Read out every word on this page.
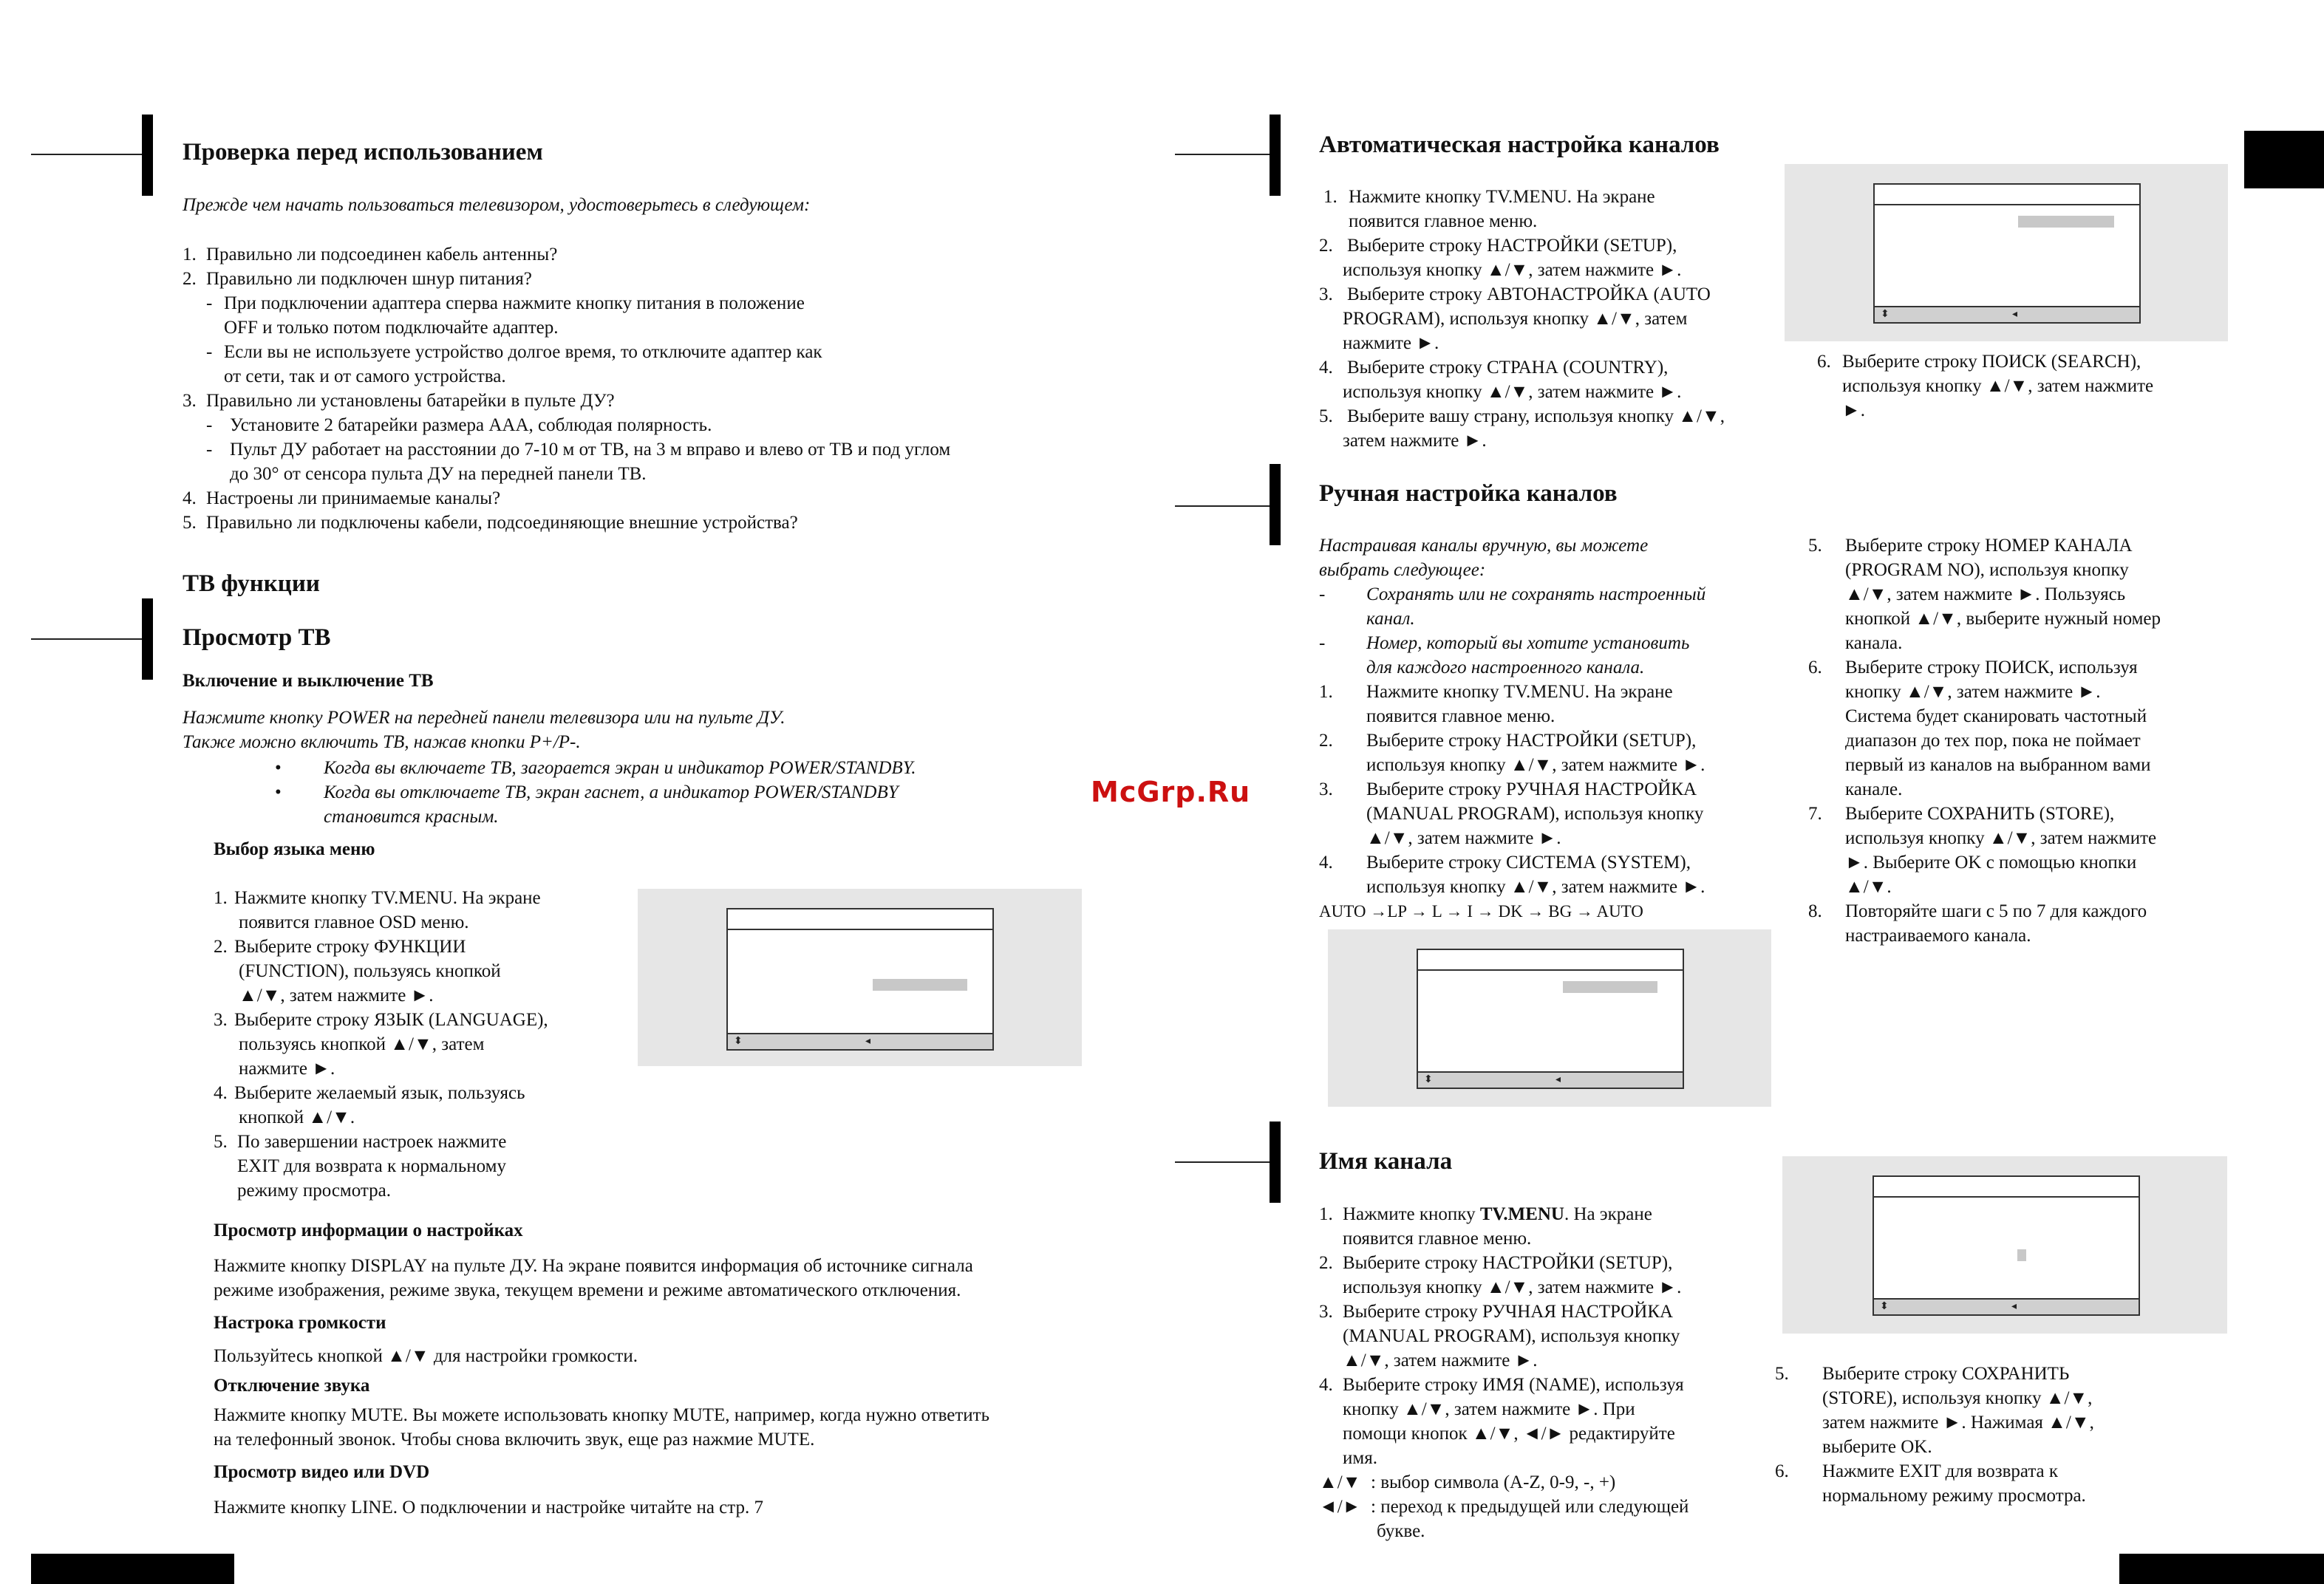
Проверка перед использованием
Прежде чем начать пользоваться телевизором, удостоверьтесь в следующем:
1. Правильно ли подсоединен кабель антенны?
2. Правильно ли подключен шнур питания?
- При подключении адаптера сперва нажмите кнопку питания в положение
OFF и только потом подключайте адаптер.
- Если вы не используете устройство долгое время, то отключите адаптер как
от сети, так и от самого устройства.
3. Правильно ли установлены батарейки в пульте ДУ?
- Установите 2 батарейки размера ААА, соблюдая полярность.
- Пульт ДУ работает на расстоянии до 7-10 м от ТВ, на 3 м вправо и влево от ТВ и под углом
до 30° от сенсора пульта ДУ на передней панели ТВ.
4. Настроены ли принимаемые каналы?
5. Правильно ли подключены кабели, подсоединяющие внешние устройства?
ТВ функции
Просмотр ТВ
Включение и выключение ТВ
Нажмите кнопку POWER на передней панели телевизора или на пульте ДУ.
Также можно включить ТВ, нажав кнопки P+/P-.
• Когда вы включаете ТВ, загорается экран и индикатор POWER/STANDBY.
• Когда вы отключаете ТВ, экран гаснет, а индикатор POWER/STANDBY
становится красным.
Выбор языка меню
1. Нажмите кнопку TV.MENU. На экране
появится главное OSD меню.
2. Выберите строку ФУНКЦИИ
(FUNCTION), пользуясь кнопкой
▲/▼, затем нажмите ►.
3. Выберите строку ЯЗЫК (LANGUAGE),
пользуясь кнопкой ▲/▼, затем
нажмите ►.
4. Выберите желаемый язык, пользуясь
кнопкой ▲/▼.
5. По завершении настроек нажмите
EXIT для возврата к нормальному
режиму просмотра.
⬍	◂
Просмотр информации о настройках
Нажмите кнопку DISPLAY на пульте ДУ. На экране появится информация об источнике сигнала
режиме изображения, режиме звука, текущем времени и режиме автоматического отключения.
Настрока громкости
Пользуйтесь кнопкой ▲/▼ для настройки громкости.
Отключение звука
Нажмите кнопку MUTE. Вы можете использовать кнопку MUTE, например, когда нужно ответить
на телефонный звонок. Чтобы снова включить звук, еще раз нажмие MUTE.
Просмотр видео или DVD
Нажмите кнопку LINE. О подключении и настройке читайте на стр. 7
McGrp.Ru
Автоматическая настройка каналов
1. Нажмите кнопку TV.MENU. На экране
появится главное меню.
2. Выберите строку НАСТРОЙКИ (SETUP),
используя кнопку ▲/▼, затем нажмите ►.
3. Выберите строку АВТОНАСТРОЙКА (AUTO
PROGRAM), используя кнопку ▲/▼, затем
нажмите ►.
4. Выберите строку СТРАНА (COUNTRY),
используя кнопку ▲/▼, затем нажмите ►.
5. Выберите вашу страну, используя кнопку ▲/▼,
затем нажмите ►.
⬍	◂
6. Выберите строку ПОИСК (SEARCH),
используя кнопку ▲/▼, затем нажмите
►.
Ручная настройка каналов
Настраивая каналы вручную, вы можете
выбрать следующее:
- Сохранять или не сохранять настроенный
канал.
- Номер, который вы хотите установить
для каждого настроенного канала.
1. Нажмите кнопку TV.MENU. На экране
появится главное меню.
2. Выберите строку НАСТРОЙКИ (SETUP),
используя кнопку ▲/▼, затем нажмите ►.
3. Выберите строку РУЧНАЯ НАСТРОЙКА
(MANUAL PROGRAM), используя кнопку
▲/▼, затем нажмите ►.
4. Выберите строку СИСТЕМА (SYSTEM),
используя кнопку ▲/▼, затем нажмите ►.
AUTO →LP → L → I → DK → BG → AUTO
⬍	◂
5. Выберите строку НОМЕР КАНАЛА
(PROGRAM NO), используя кнопку
▲/▼, затем нажмите ►. Пользуясь
кнопкой ▲/▼, выберите нужный номер
канала.
6. Выберите строку ПОИСК, используя
кнопку ▲/▼, затем нажмите ►.
Система будет сканировать частотный
диапазон до тех пор, пока не поймает
первый из каналов на выбранном вами
канале.
7. Выберите СОХРАНИТЬ (STORE),
используя кнопку ▲/▼, затем нажмите
►. Выберите OK с помощью кнопки
▲/▼.
8. Повторяйте шаги с 5 по 7 для каждого
настраиваемого канала.
Имя канала
1. Нажмите кнопку TV.MENU. На экране
появится главное меню.
2. Выберите строку НАСТРОЙКИ (SETUP),
используя кнопку ▲/▼, затем нажмите ►.
3. Выберите строку РУЧНАЯ НАСТРОЙКА
(MANUAL PROGRAM), используя кнопку
▲/▼, затем нажмите ►.
4. Выберите строку ИМЯ (NAME), используя
кнопку ▲/▼, затем нажмите ►. При
помощи кнопок ▲/▼, ◄/► редактируйте
имя.
▲/▼ : выбор символа (A-Z, 0-9, -, +)
◄/► : переход к предыдущей или следующей
букве.
⬍	◂
5. Выберите строку СОХРАНИТЬ
(STORE), используя кнопку ▲/▼,
затем нажмите ►. Нажимая ▲/▼,
выберите OK.
6. Нажмите EXIT для возврата к
нормальному режиму просмотра.
